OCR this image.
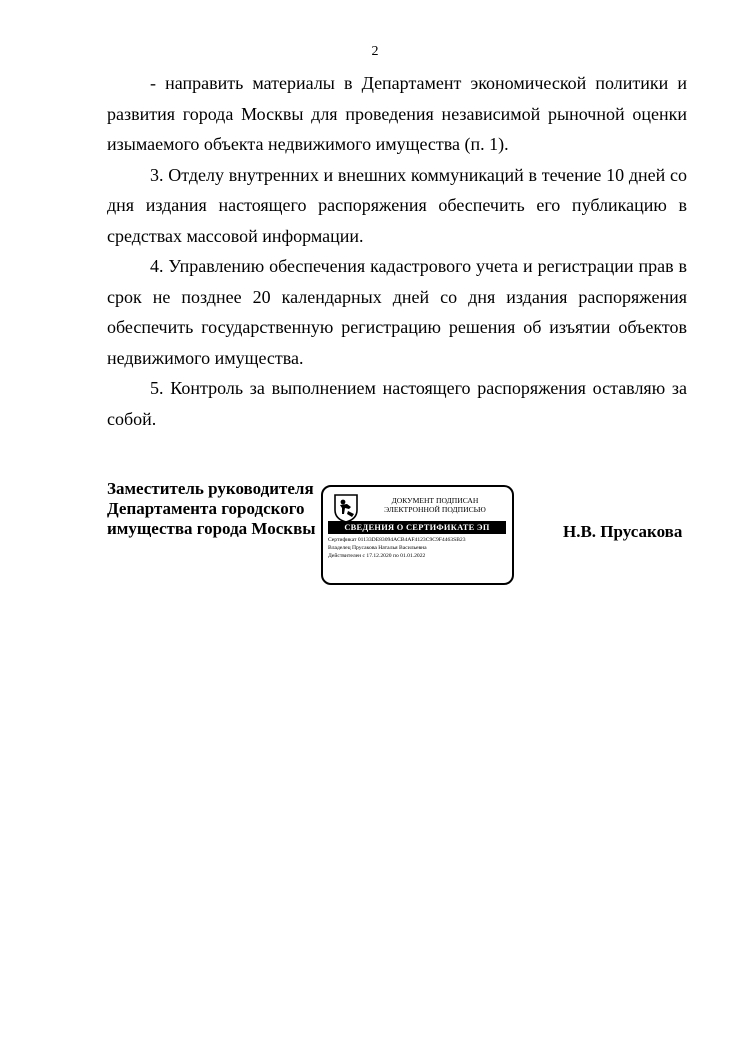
2

- направить материалы в Департамент экономической политики и развития города Москвы для проведения независимой рыночной оценки изымаемого объекта недвижимого имущества (п. 1).

3. Отделу внутренних и внешних коммуникаций в течение 10 дней со дня издания настоящего распоряжения обеспечить его публикацию в средствах массовой информации.

4. Управлению обеспечения кадастрового учета и регистрации прав в срок не позднее 20 календарных дней со дня издания распоряжения обеспечить государственную регистрацию решения об изъятии объектов недвижимого имущества.

5. Контроль за выполнением настоящего распоряжения оставляю за собой.

Заместитель руководителя
Департамента городского
имущества города Москвы	Н.В. Прусакова
ДОКУМЕНТ ПОДПИСАН
ЭЛЕКТРОННОЙ ПОДПИСЬЮ
СВЕДЕНИЯ О СЕРТИФИКАТЕ ЭП
Сертификат 01133DE83094ACB4AF4123C9C9F4463SB23
Владелец Прусакова Наталья Васильевна
Действителен с 17.12.2020 по 01.01.2022
